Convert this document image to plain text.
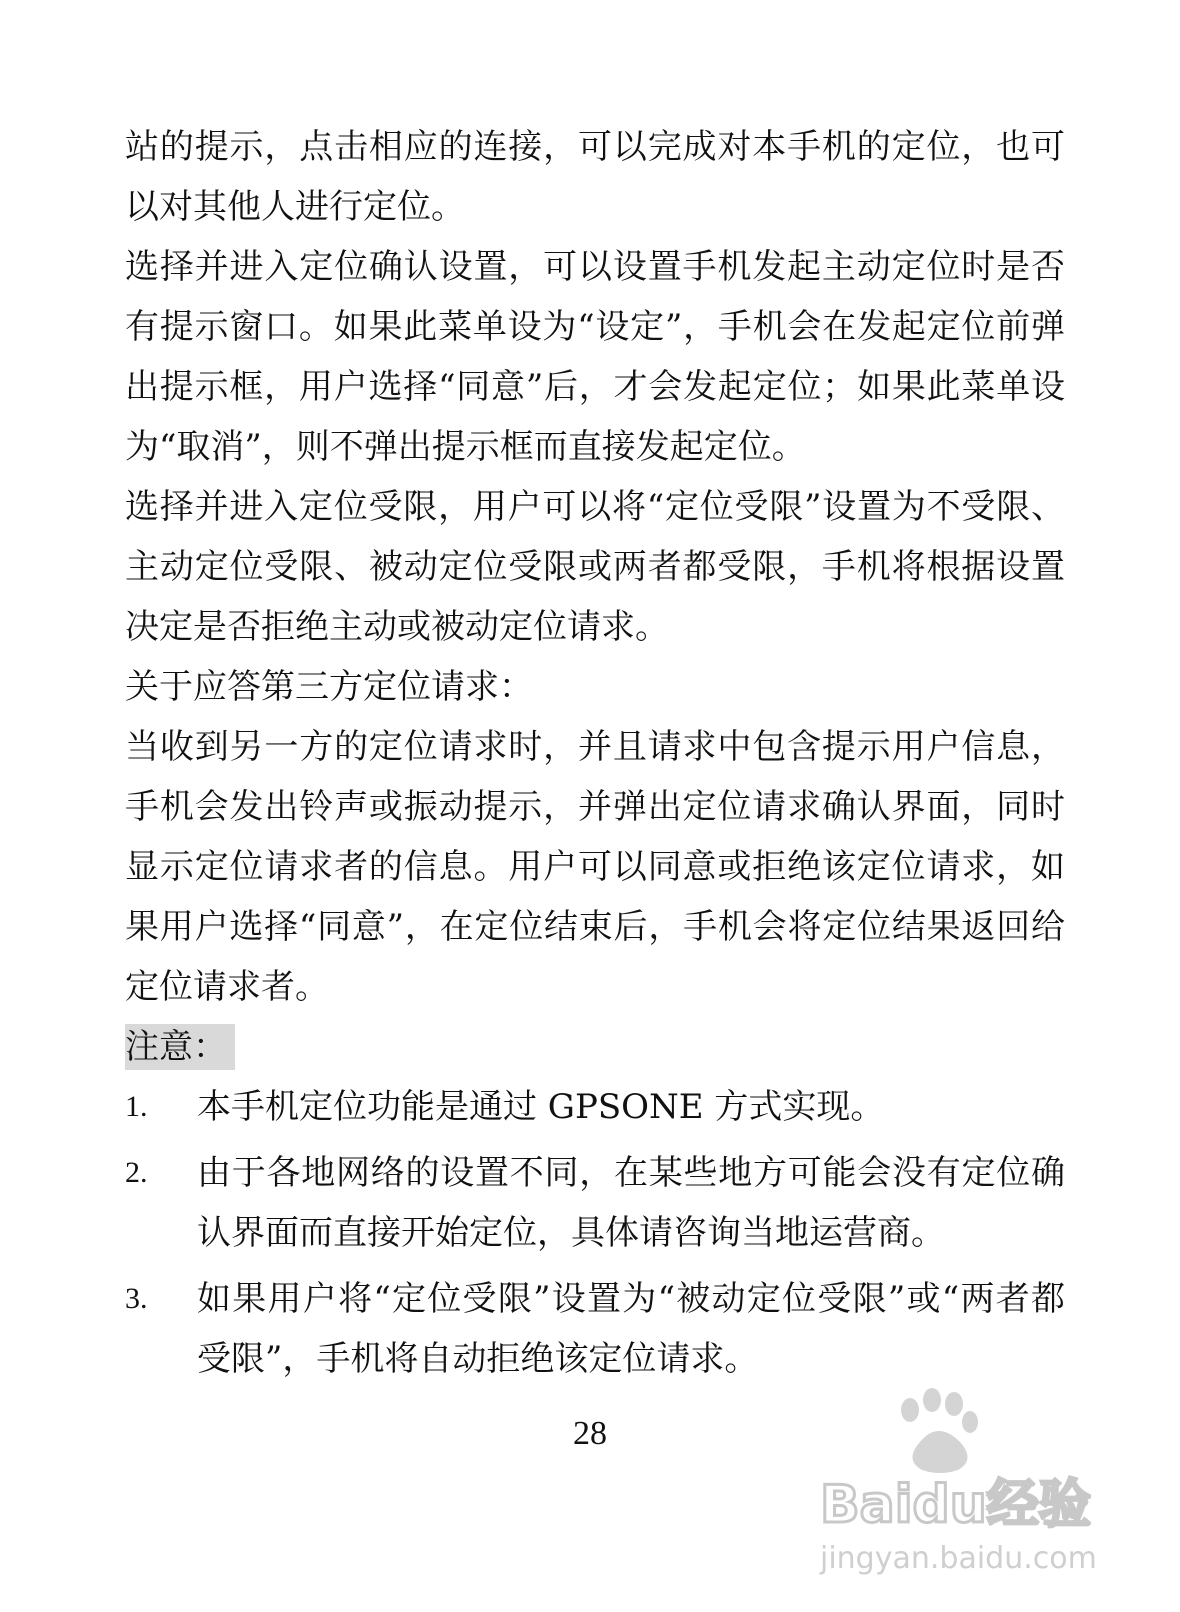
站的提示，点击相应的连接，可以完成对本手机的定位，也可以对其他人进行定位。

选择并进入定位确认设置，可以设置手机发起主动定位时是否有提示窗口。如果此菜单设为“设定”，手机会在发起定位前弹出提示框，用户选择“同意”后，才会发起定位；如果此菜单设为“取消”，则不弹出提示框而直接发起定位。

选择并进入定位受限，用户可以将“定位受限”设置为不受限、主动定位受限、被动定位受限或两者都受限，手机将根据设置决定是否拒绝主动或被动定位请求。

关于应答第三方定位请求：

当收到另一方的定位请求时，并且请求中包含提示用户信息，手机会发出铃声或振动提示，并弹出定位请求确认界面，同时显示定位请求者的信息。用户可以同意或拒绝该定位请求，如果用户选择“同意”，在定位结束后，手机会将定位结果返回给定位请求者。

注意：
1.	本手机定位功能是通过 GPSONE 方式实现。
2.	由于各地网络的设置不同，在某些地方可能会没有定位确认界面而直接开始定位，具体请咨询当地运营商。
3.	如果用户将“定位受限”设置为“被动定位受限”或“两者都受限”，手机将自动拒绝该定位请求。
28
Baidu经验
jingyan.baidu.com
